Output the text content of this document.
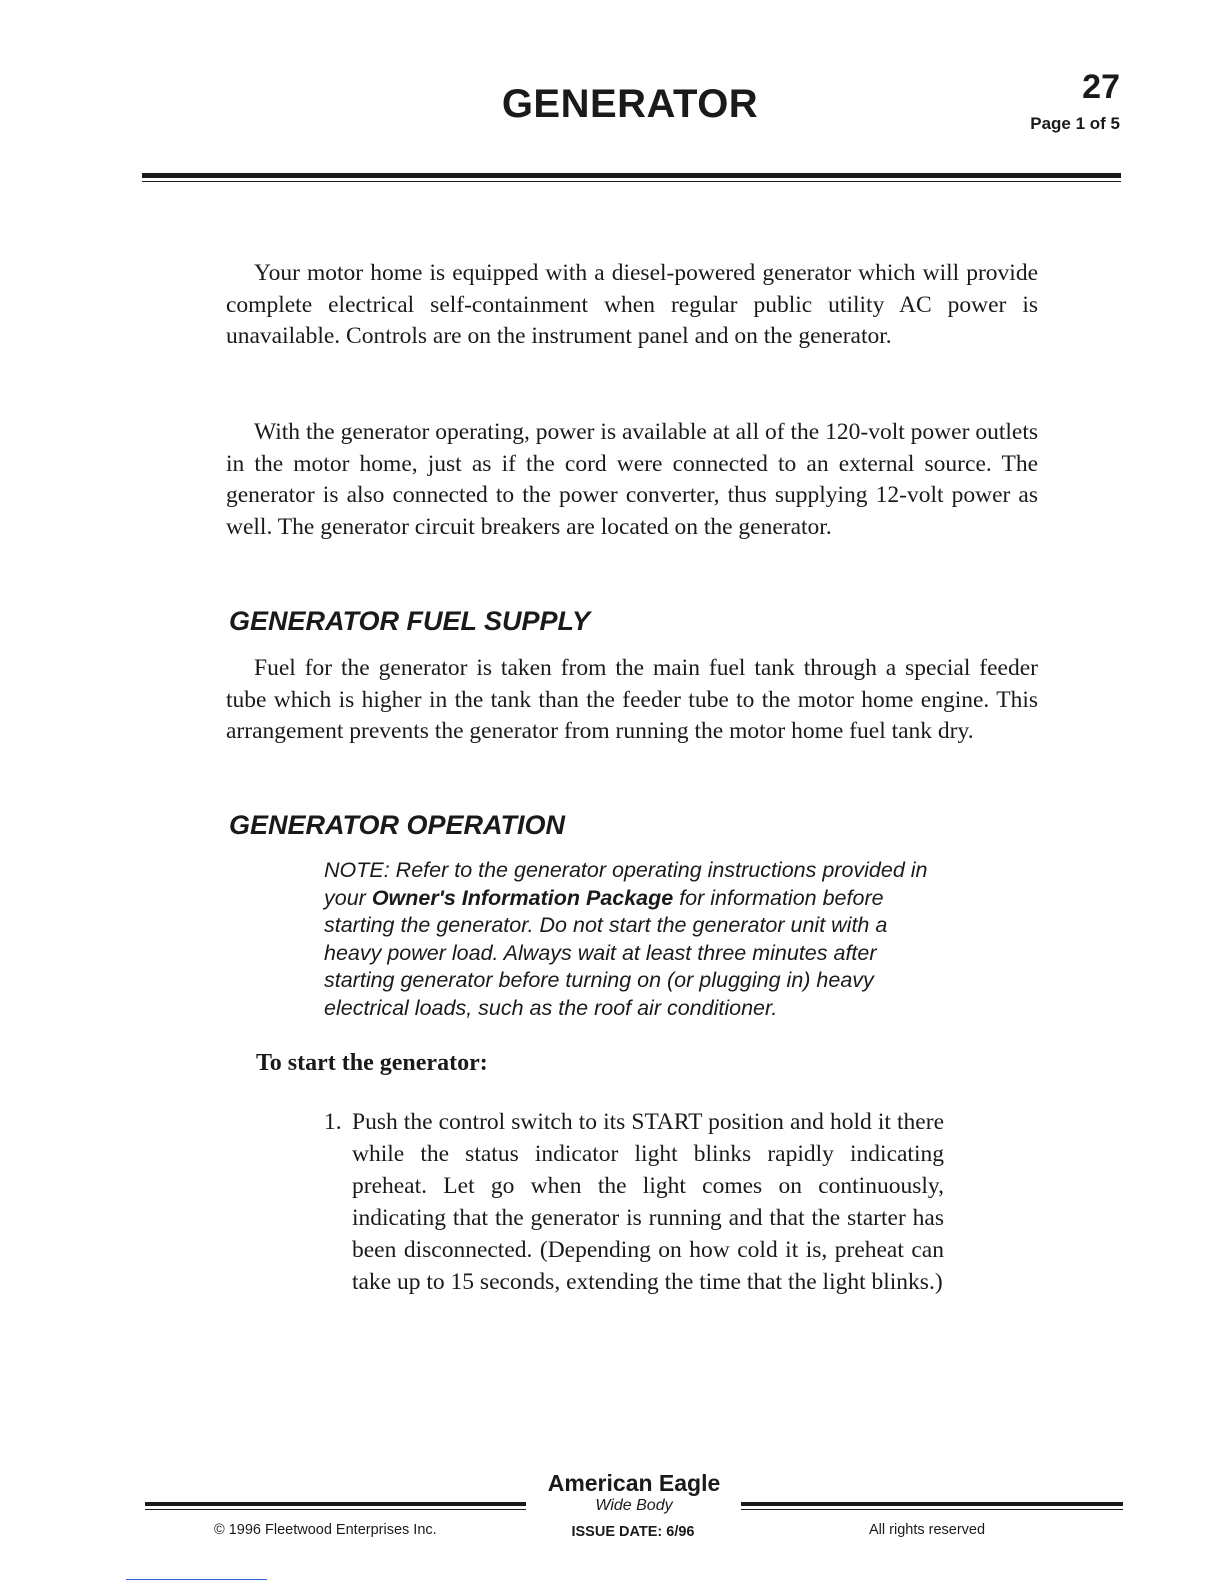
GENERATOR	27
Page 1 of 5

Your motor home is equipped with a diesel-powered generator which will provide complete electrical self-containment when regular public utility AC power is unavailable. Controls are on the instrument panel and on the generator.

With the generator operating, power is available at all of the 120-volt power outlets in the motor home, just as if the cord were connected to an external source. The generator is also connected to the power converter, thus supplying 12-volt power as well. The generator circuit breakers are located on the generator.

GENERATOR FUEL SUPPLY

Fuel for the generator is taken from the main fuel tank through a special feeder tube which is higher in the tank than the feeder tube to the motor home engine. This arrangement prevents the generator from running the motor home fuel tank dry.

GENERATOR OPERATION

NOTE: Refer to the generator operating instructions provided in your Owner's Information Package for information before starting the generator. Do not start the generator unit with a heavy power load. Always wait at least three minutes after starting generator before turning on (or plugging in) heavy electrical loads, such as the roof air conditioner.

To start the generator:

1. Push the control switch to its START position and hold it there while the status indicator light blinks rapidly indicating preheat. Let go when the light comes on continuously, indicating that the generator is running and that the starter has been disconnected. (Depending on how cold it is, preheat can take up to 15 seconds, extending the time that the light blinks.)
American Eagle
Wide Body
© 1996 Fleetwood Enterprises Inc.	ISSUE DATE: 6/96	All rights reserved
